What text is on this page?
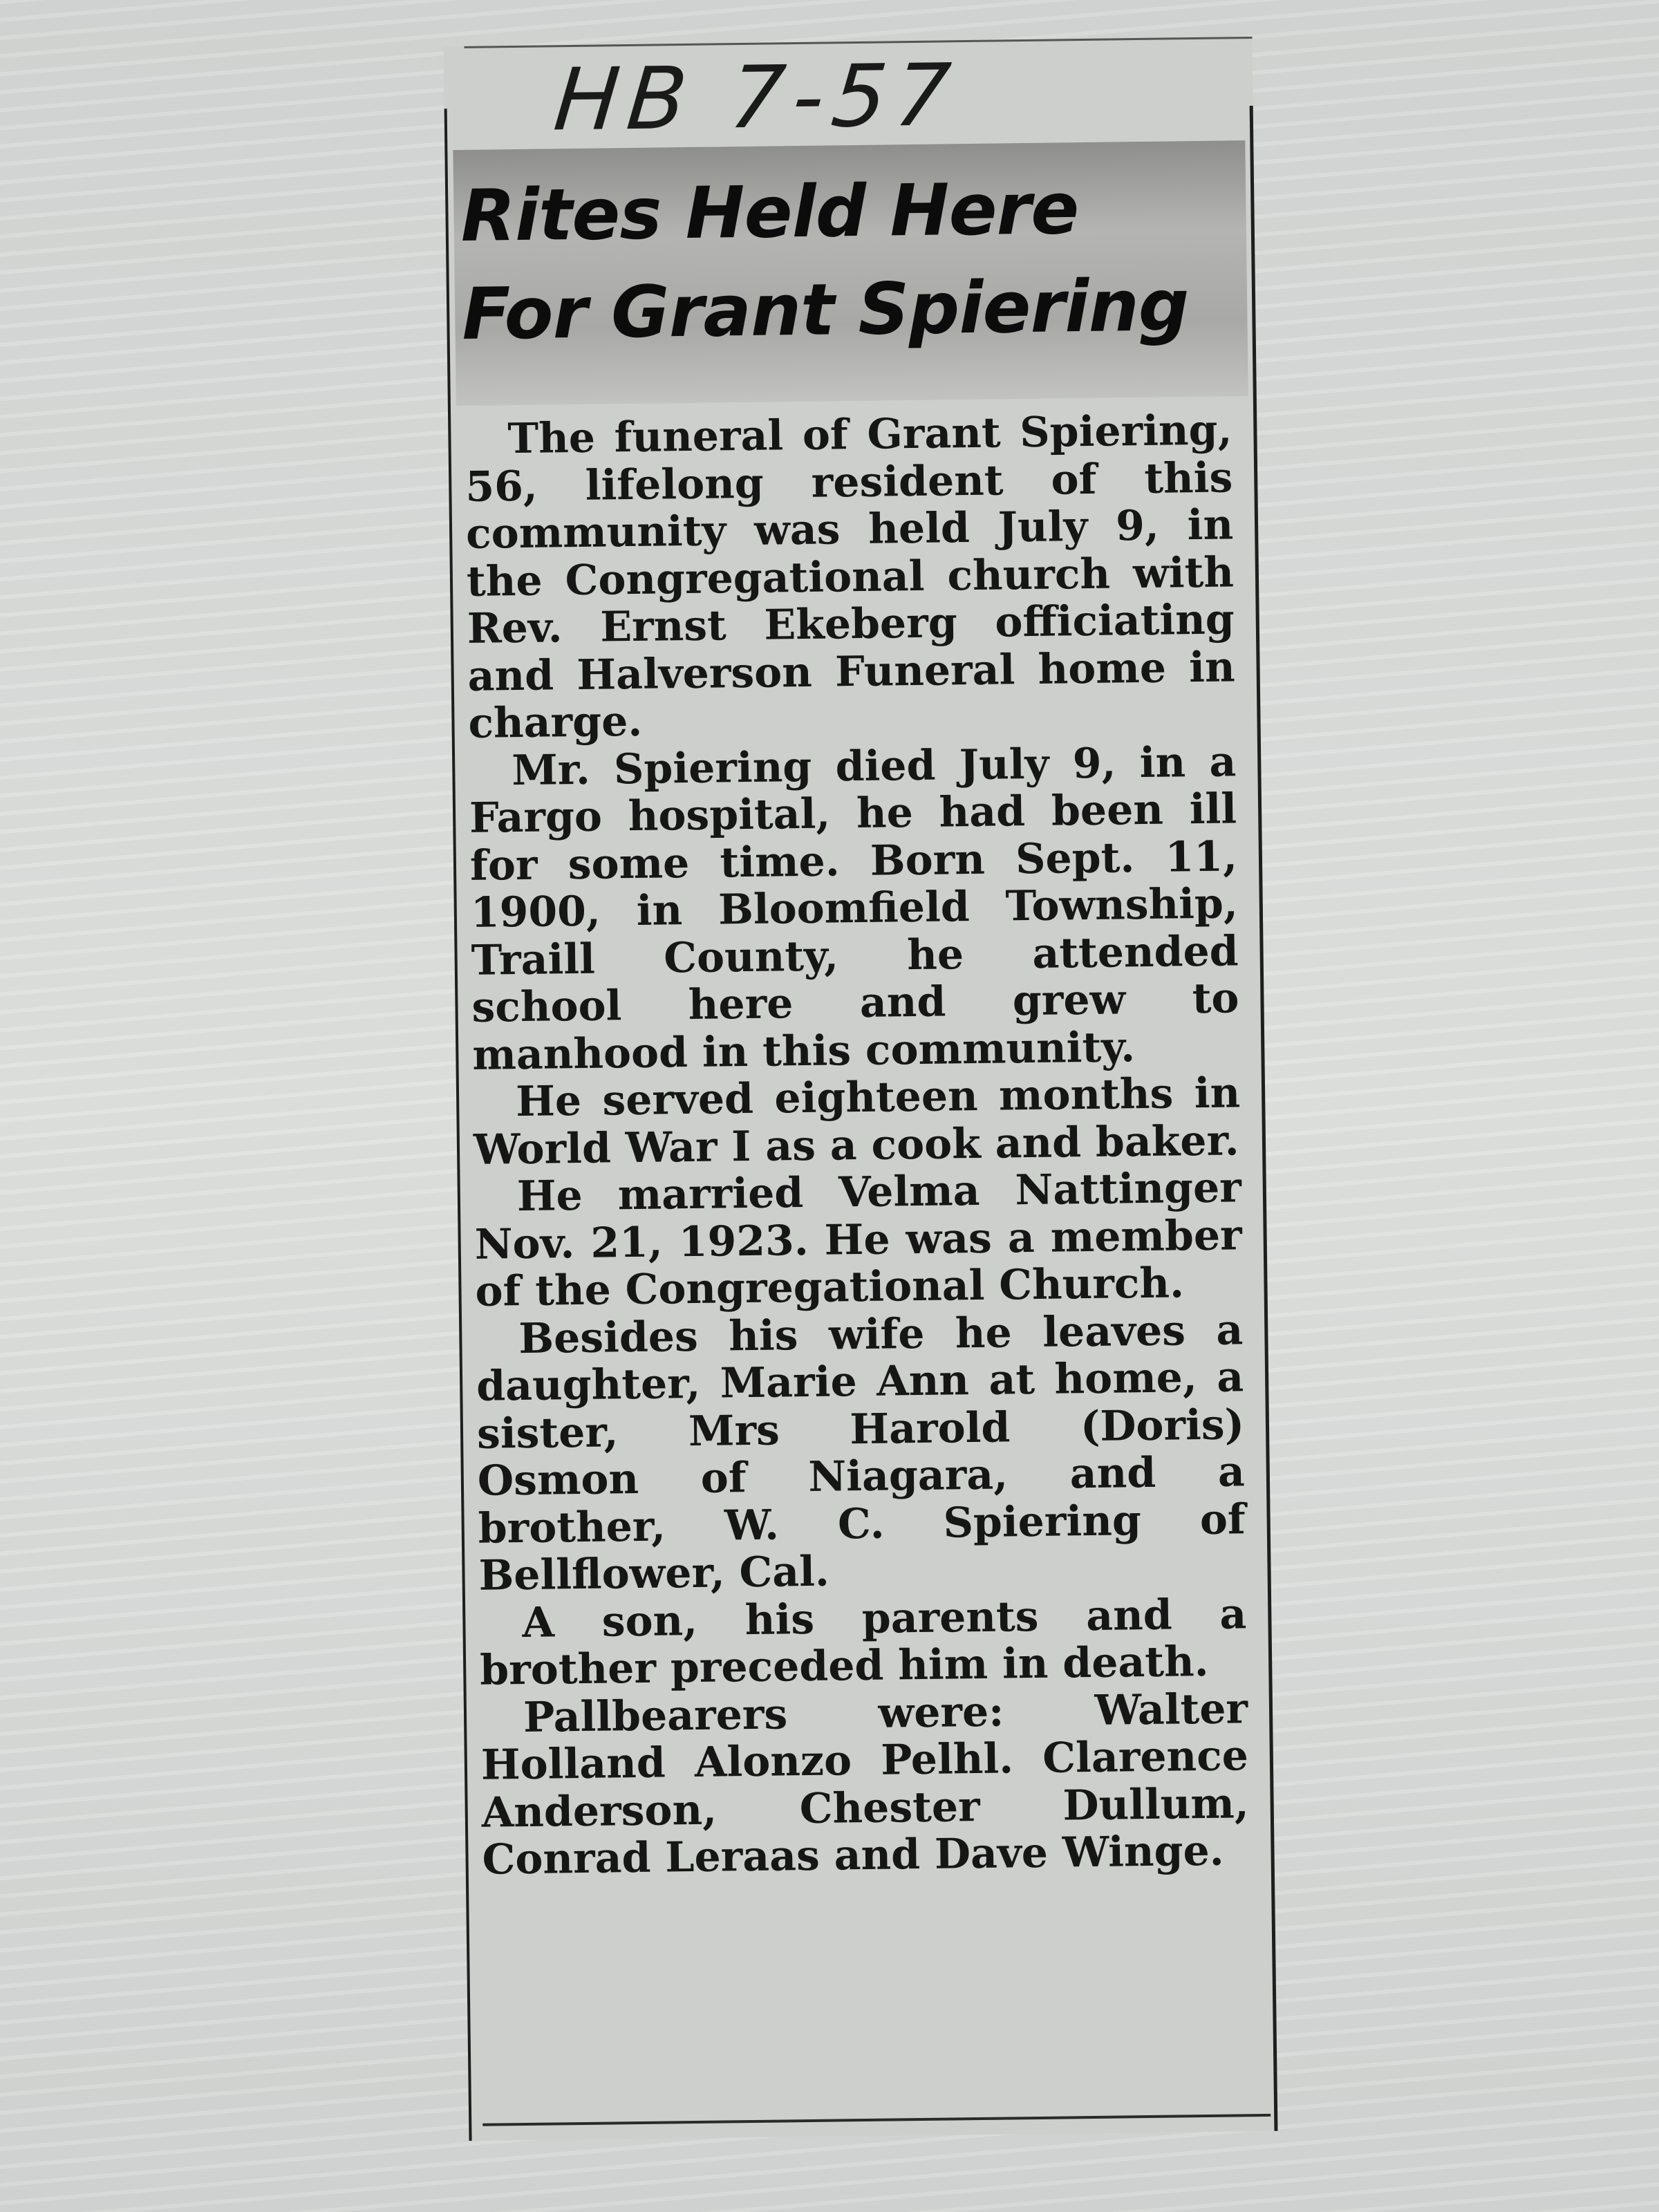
HB 7-57
Rites Held Here
For Grant Spiering

The funeral of Grant Spiering, 56, lifelong resident of this community was held July 9, in the Congregational church with Rev. Ernst Ekeberg officiating and Halverson Funeral home in charge.

Mr. Spiering died July 9, in a Fargo hospital, he had been ill for some time. Born Sept. 11, 1900, in Bloomfield Township, Traill County, he attended school here and grew to manhood in this community.

He served eighteen months in World War I as a cook and baker.

He married Velma Nattinger Nov. 21, 1923. He was a member of the Congregational Church.

Besides his wife he leaves a daughter, Marie Ann at home, a sister, Mrs Harold (Doris) Osmon of Niagara, and a brother, W. C. Spiering of Bellflower, Cal.

A son, his parents and a brother preceded him in death.

Pallbearers were: Walter Holland Alonzo Pelhl. Clarence Anderson, Chester Dullum, Conrad Leraas and Dave Winge.
